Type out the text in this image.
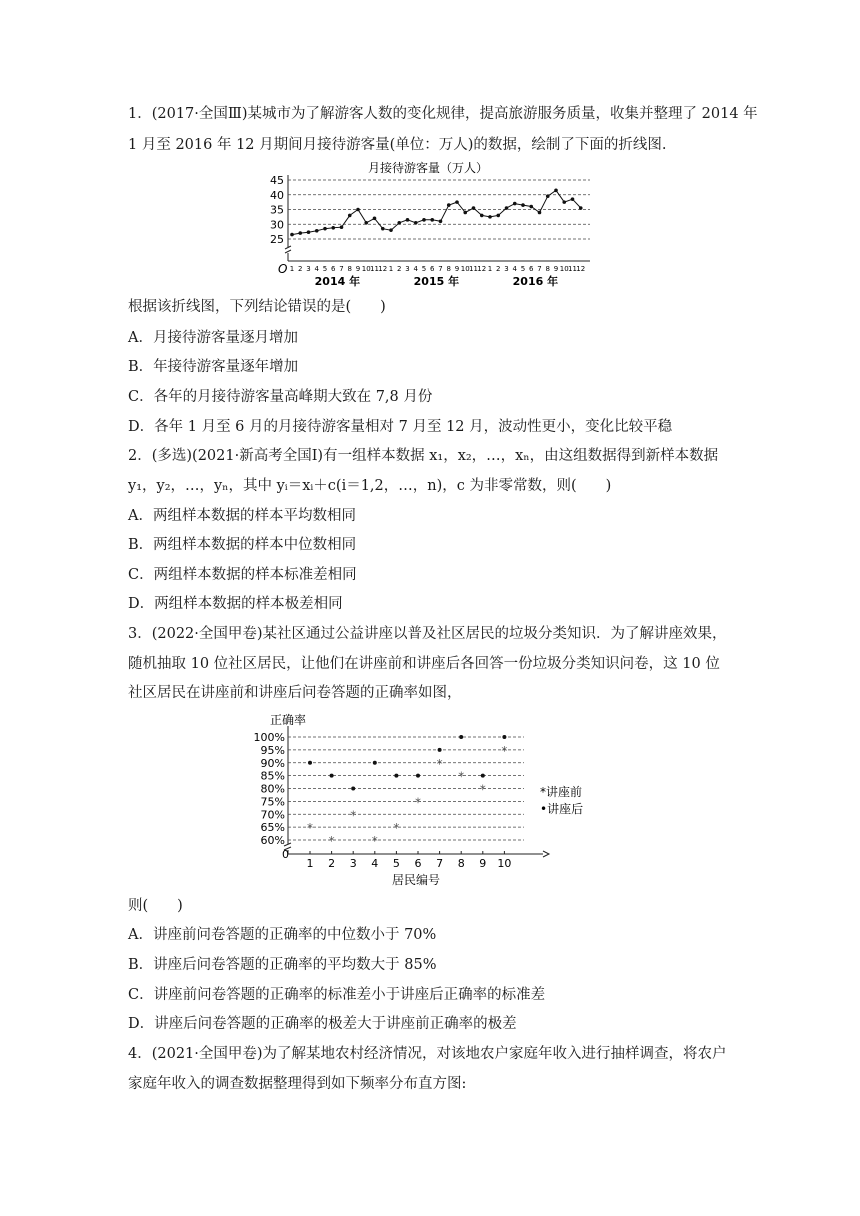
1．(2017·全国Ⅲ)某城市为了解游客人数的变化规律，提高旅游服务质量，收集并整理了 2014 年
1 月至 2016 年 12 月期间月接待游客量(单位：万人)的数据，绘制了下面的折线图.
月接待游客量（万人）
25
30
35
40
45
1 2 3 4 5 6 7 8 9 10 11 12 1 2 3 4 5 6 7 8 9 10 11 12 1 2 3 4 5 6 7 8 9 10 11 12
2014 年	2015 年	2016 年
O
根据该折线图，下列结论错误的是(　　)
A．月接待游客量逐月增加
B．年接待游客量逐年增加
C．各年的月接待游客量高峰期大致在 7,8 月份
D．各年 1 月至 6 月的月接待游客量相对 7 月至 12 月，波动性更小，变化比较平稳
2．(多选)(2021·新高考全国Ⅰ)有一组样本数据 x₁，x₂，…，xₙ，由这组数据得到新样本数据
y₁，y₂，…，yₙ，其中 yᵢ＝xᵢ＋c(i＝1,2，…，n)，c 为非零常数，则(　　)
A．两组样本数据的样本平均数相同
B．两组样本数据的样本中位数相同
C．两组样本数据的样本标准差相同
D．两组样本数据的样本极差相同
3．(2022·全国甲卷)某社区通过公益讲座以普及社区居民的垃圾分类知识．为了解讲座效果，
随机抽取 10 位社区居民，让他们在讲座前和讲座后各回答一份垃圾分类知识问卷，这 10 位
社区居民在讲座前和讲座后问卷答题的正确率如图，
正确率
60%
65%
70%
75%
80%
85%
90%
95%
100%
1 2 3 4 5 6 7 8 9 10
*
*
*
*
*
*
*
*
*
*
0
居民编号
*讲座前
•讲座后
则(　　)
A．讲座前问卷答题的正确率的中位数小于 70%
B．讲座后问卷答题的正确率的平均数大于 85%
C．讲座前问卷答题的正确率的标准差小于讲座后正确率的标准差
D．讲座后问卷答题的正确率的极差大于讲座前正确率的极差
4．(2021·全国甲卷)为了解某地农村经济情况，对该地农户家庭年收入进行抽样调查，将农户
家庭年收入的调查数据整理得到如下频率分布直方图:
